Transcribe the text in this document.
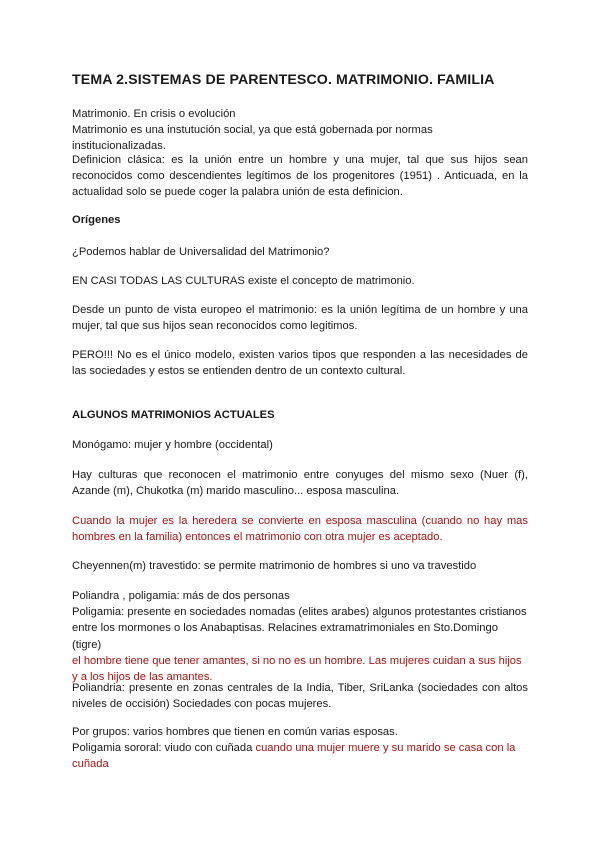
TEMA 2.SISTEMAS DE PARENTESCO. MATRIMONIO. FAMILIA
Matrimonio. En crisis o evolución
Matrimonio es una instutución social, ya que está gobernada por normas institucionalizadas.

Definicion clásica: es la unión entre un hombre y una mujer, tal que sus hijos sean reconocidos como descendientes legítimos de los progenitores (1951) . Anticuada, en la actualidad solo se puede coger la palabra unión de esta definicion.

Orígenes

¿Podemos hablar de Universalidad del Matrimonio?

EN CASI TODAS LAS CULTURAS existe el concepto de matrimonio.

Desde un punto de vista europeo el matrimonio: es la unión legítima de un hombre y una mujer, tal que sus hijos sean reconocidos como legitimos.

PERO!!! No es el único modelo, existen varios tipos que responden a las necesidades de las sociedades y estos se entienden dentro de un contexto cultural.

ALGUNOS MATRIMONIOS ACTUALES

Monógamo: mujer y hombre (occidental)

Hay culturas que reconocen el matrimonio entre conyuges del mismo sexo (Nuer (f), Azande (m), Chukotka (m) marido masculino... esposa masculina.

Cuando la mujer es la heredera se convierte en esposa masculina (cuando no hay mas hombres en la familia) entonces el matrimonio con otra mujer es aceptado.

Cheyennen(m) travestido: se permite matrimonio de hombres si uno va travestido

Poliandra , poligamia: más de dos personas
Poligamia: presente en sociedades nomadas (elites arabes) algunos protestantes cristianos entre los mormones o los Anabaptisas. Relacines extramatrimoniales en Sto.Domingo (tigre)
el hombre tiene que tener amantes, si no no es un hombre. Las mujeres cuidan a sus hijos y a los hijos de las amantes.

Poliandria: presente en zonas centrales de la India, Tiber, SriLanka (sociedades con altos niveles de occisión) Sociedades con pocas mujeres.

Por grupos: varios hombres que tienen en común varias esposas.
Poligamia sororal: viudo con cuñada cuando una mujer muere y su marido se casa con la cuñada
